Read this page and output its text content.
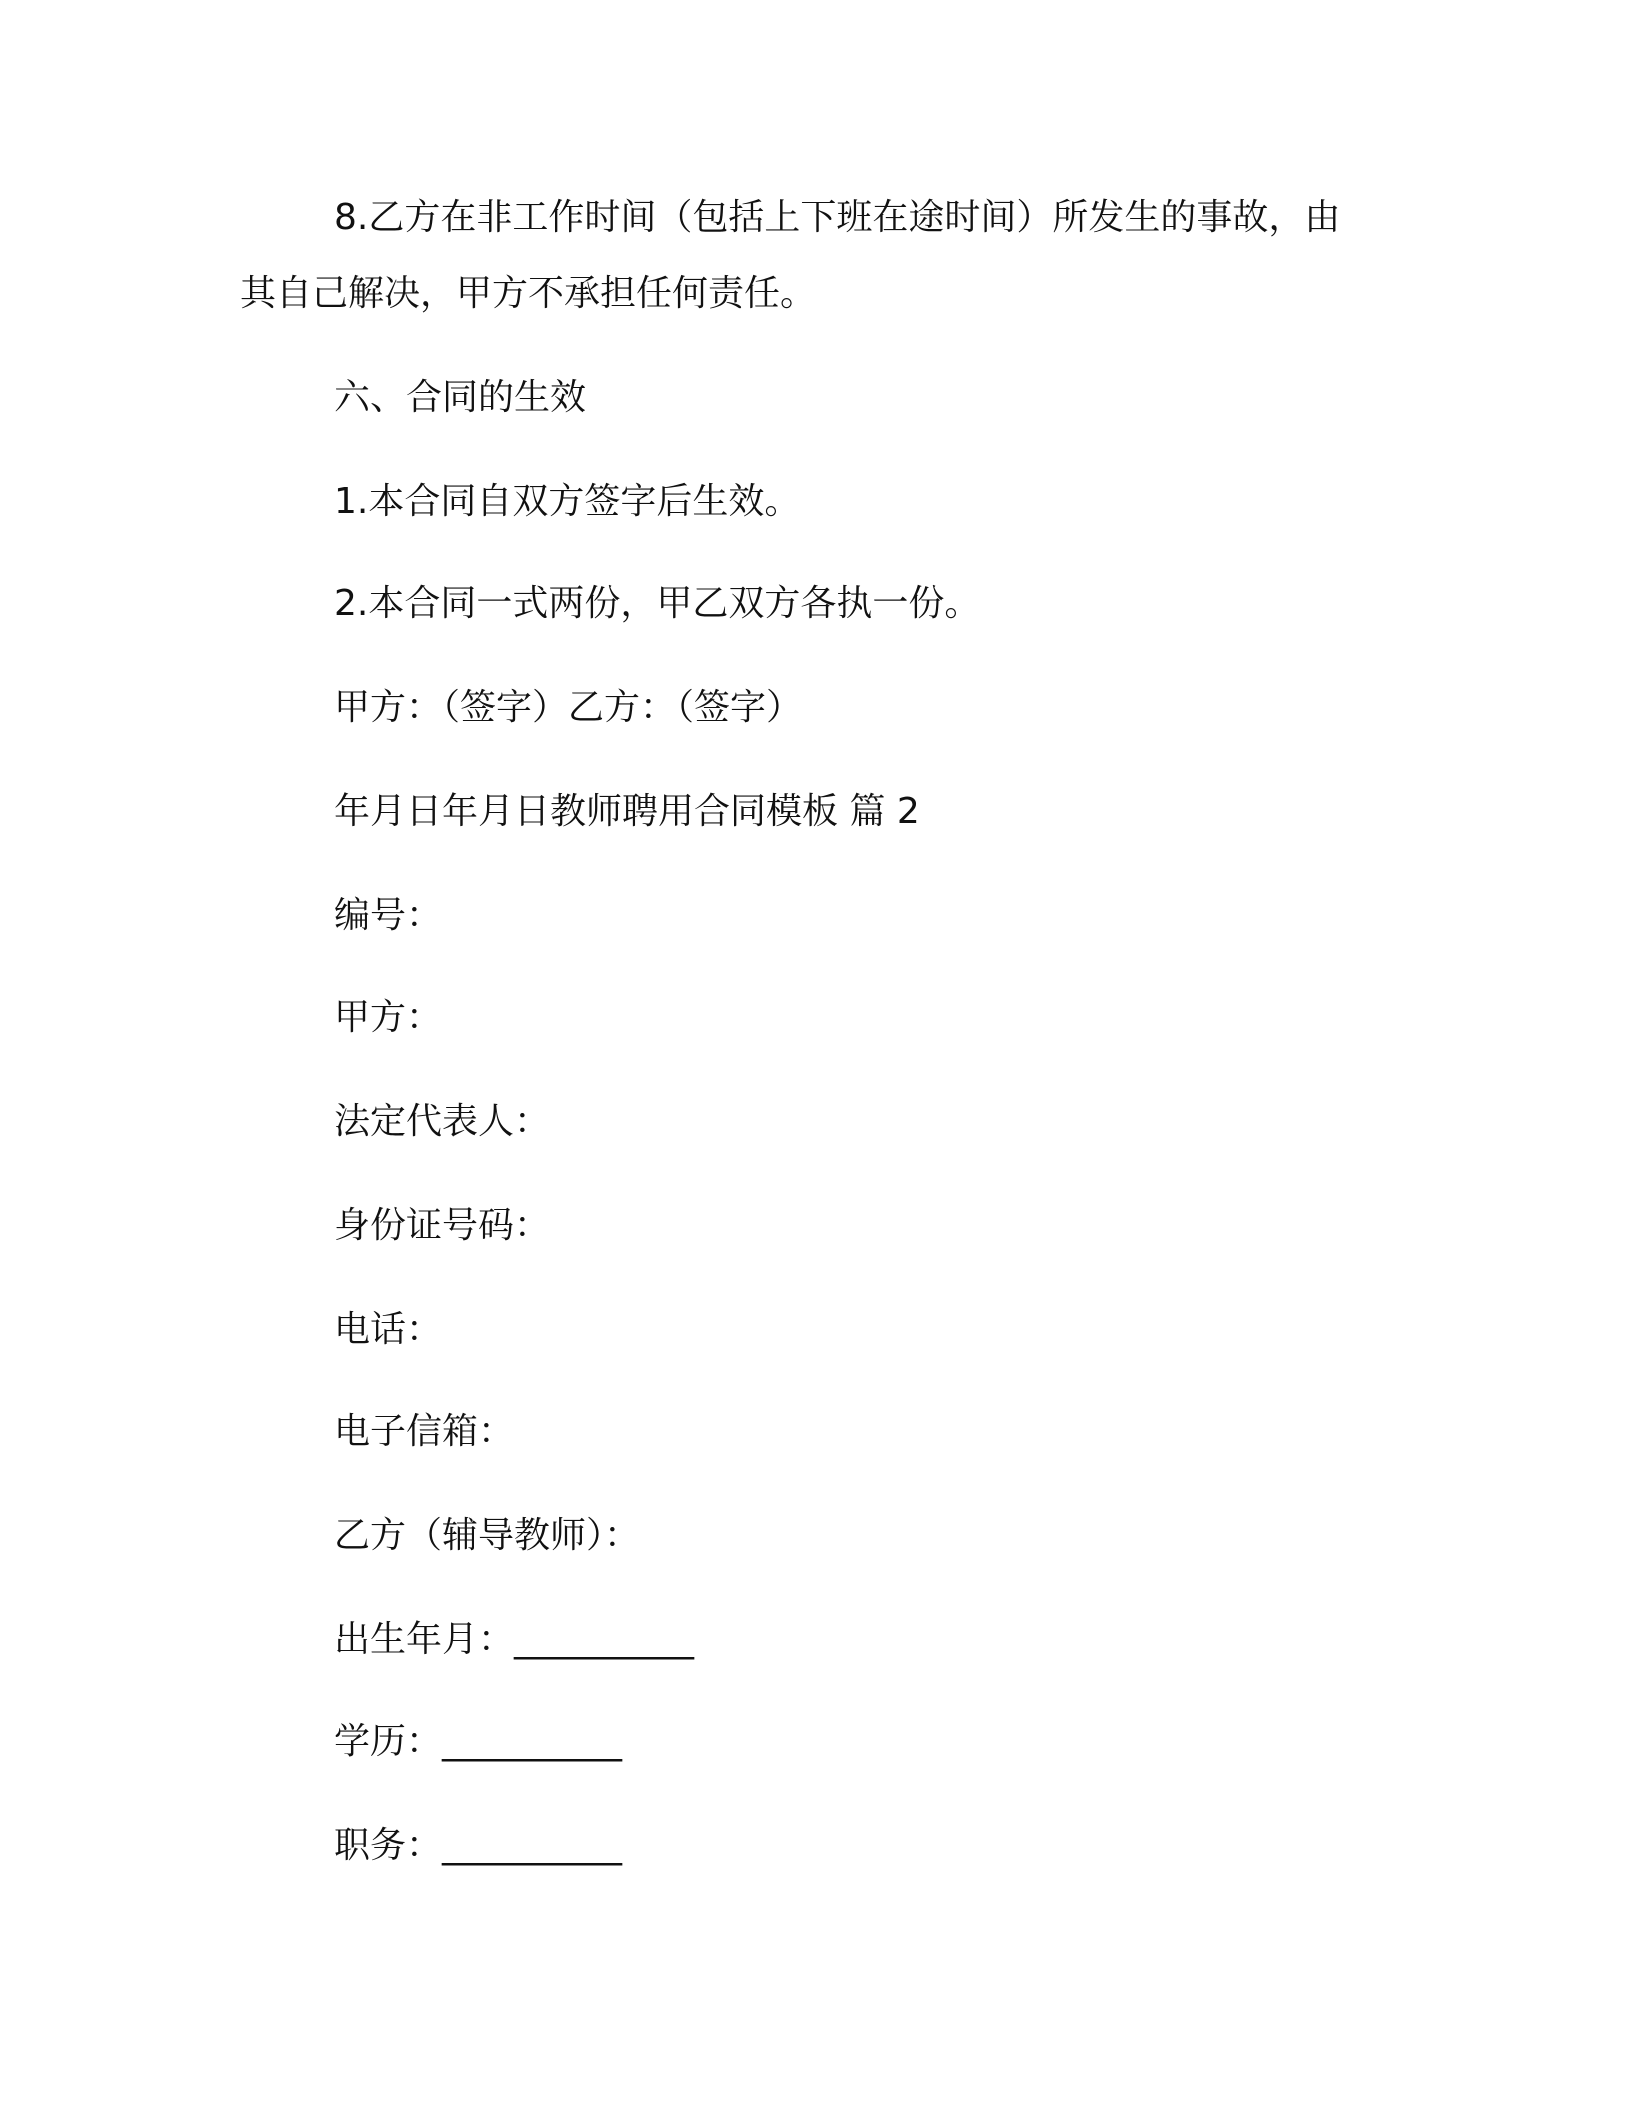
8.乙方在非工作时间（包括上下班在途时间）所发生的事故，由
其自己解决，甲方不承担任何责任。
六、合同的生效
1.本合同自双方签字后生效。
2.本合同一式两份，甲乙双方各执一份。
甲方：（签字）乙方：（签字）
年月日年月日教师聘用合同模板 篇 2
编号：
甲方：
法定代表人：
身份证号码：
电话：
电子信箱：
乙方（辅导教师）：
出生年月：__________
学历：__________
职务：__________
